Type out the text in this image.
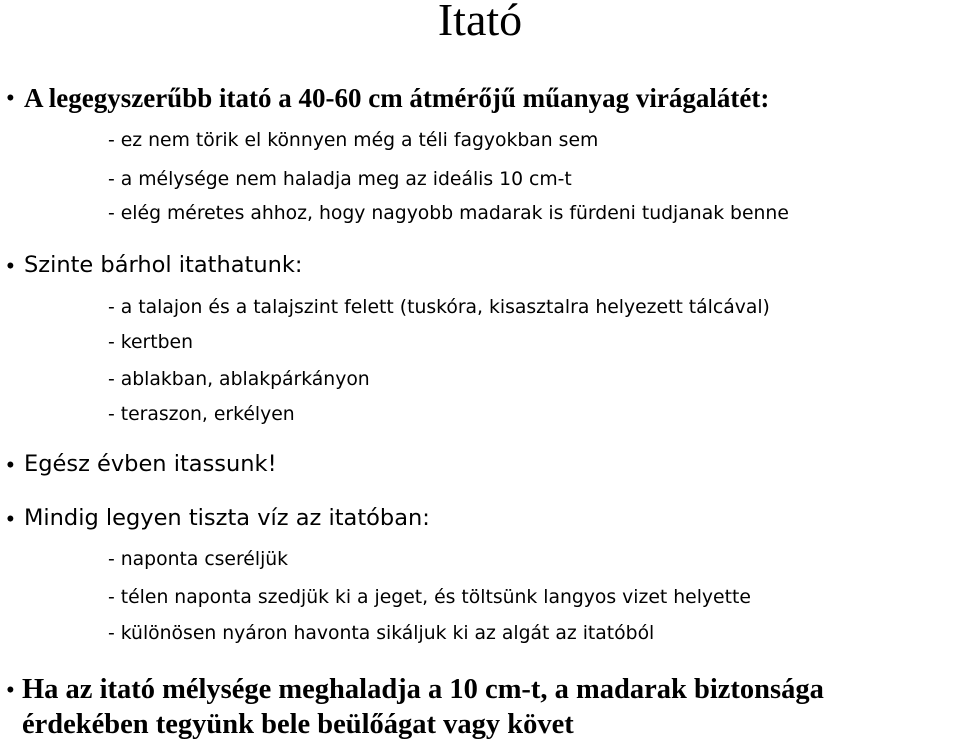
Itató
• A legegyszerűbb itató a 40-60 cm átmérőjű műanyag virágalátét:
- ez nem törik el könnyen még a téli fagyokban sem
- a mélysége nem haladja meg az ideális 10 cm-t
- elég méretes ahhoz, hogy nagyobb madarak is fürdeni tudjanak benne
• Szinte bárhol itathatunk:
- a talajon és a talajszint felett (tuskóra, kisasztalra helyezett tálcával)
- kertben
- ablakban, ablakpárkányon
- teraszon, erkélyen
• Egész évben itassunk!
• Mindig legyen tiszta víz az itatóban:
- naponta cseréljük
- télen naponta szedjük ki a jeget, és töltsünk langyos vizet helyette
- különösen nyáron havonta sikáljuk ki az algát az itatóból
• Ha az itató mélysége meghaladja a 10 cm-t, a madarak biztonsága
érdekében tegyünk bele beülőágat vagy követ
